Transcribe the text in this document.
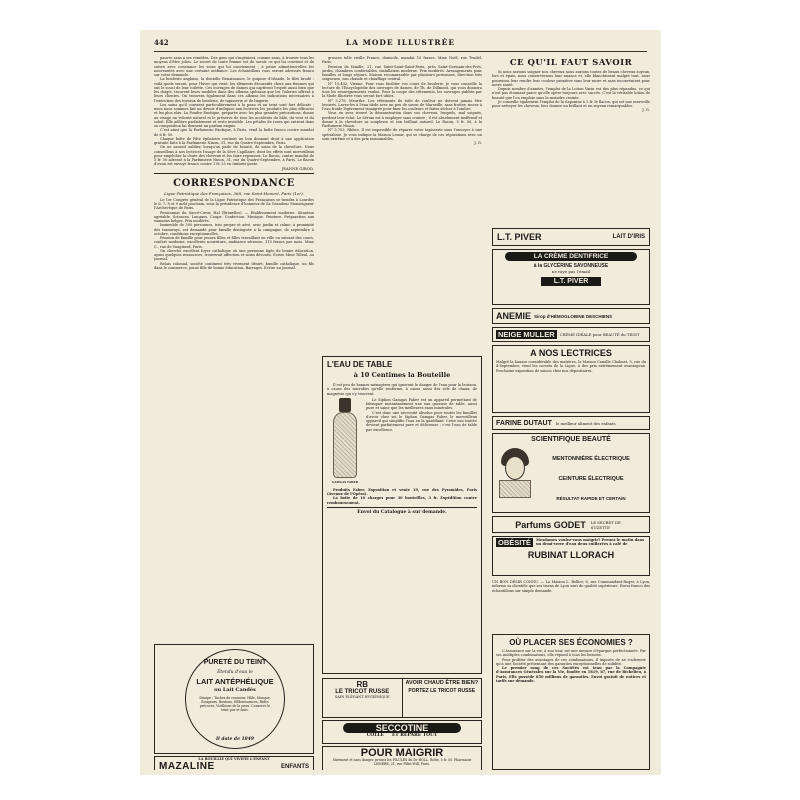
442	LA MODE ILLUSTRÉE

pauvre sans a ses remèdes. Des gens qui s'ingénient, comme nous, à trouver tous les moyens d'être jolies. Le secret de toute femme est de savoir ce qui lui convient et de suivre avec constance les soins qui lui conviennent ; à peine admettent-elles les nouveautés avec une certaine méfiance. Les échantillons vous seront adressés franco sur votre demande.

La broderie anglaise, la dentelle Renaissance, le guipure d'Irlande, le filet brodé : voilà quels seront, pour l'hiver qui vient, les éléments décoratifs chers aux femmes qui ont le souci de leur toilette. Ces ouvrages de dames qui captivent l'esprit aussi bien que les doigts, trouvent leurs modèles dans des albums spéciaux que les Galeries offrent à leurs clientes. On trouvera également dans ces albums les indications nécessaires à l'exécution des travaux de broderie, de tapisserie et de lingerie.

Les soins qu'il convient particulièrement à la peau et au teint sont fort délicats ; nous nous sommes fait un devoir d'indiquer aux lectrices les produits les plus efficaces et les plus sûrs. La Poudre Exotique, préparée avec les plus grandes précautions, donne au visage un velouté naturel et le préserve de tous les accidents du hâle, du vent et du soleil. Elle adhère parfaitement et reste invisible. Les pétales de roses qui entrent dans sa composition lui donnent un parfum exquis.

C'est ainsi que la Parfumerie Exotique, à Paris, vend la boîte franco contre mandat de 6 fr. 50.

Chaque boîte de Pâte épilatoire contient un bon donnant droit à une application gratuite faite à la Parfumerie Ninon, 31, rue du Quatre-Septembre, Paris.

On ne saurait oublier, lorsqu'on parle de beauté, de soins de la chevelure. Nous conseillons à nos lectrices l'usage de la Sève Capillaire, dont les effets sont merveilleux pour empêcher la chute des cheveux et les faire repousser. Le flacon, contre mandat de 5 fr. 50 adressé à la Parfumerie Ninon, 31, rue du Quatre-Septembre, à Paris. Le flacon d'essai est envoyé franco contre 1 fr. 25 en timbres-poste.

JEANNE GIROD.
CORRESPONDANCE
Ligue Patriotique des Françaises, 368, rue Saint-Honoré, Paris (1er).

Le 1er Congrès général de la Ligue Patriotique des Françaises se tiendra à Lourdes le 6, 7, 8 et 9 août prochain, sous la présidence d'honneur de Sa Grandeur Monseigneur l'Archevêque de Paris.

Pensionnat du Sacré-Cœur, Hal (Bruxelles). — Établissement moderne. Situation agréable. Sciences. Langues. Coupe. Confection. Musique. Peinture. Préparation aux examens belges. Prix modérés.

Immeuble de 300 personnes, très propre et aéré, avec jardin et calme, à proximité des tramways, est demandé pour famille distinguée à la campagne, de septembre à octobre, conditions exceptionnelles.

Pension de famille pour jeunes filles et filles travaillant en ville ou suivant des cours, confort moderne, excellente nourriture, ambiance sérieuse, 115 francs par mois. Mme C., rue de Vaugirard, Paris.

On cherche excellent foyer catholique où une personne âgée de bonne éducation, ayant quelques ressources, trouverait affection et soins dévoués. Écrire Mme Tilleul, au journal.

Relais colonial, société continent très vivement désiré, famille catholique, un fils dans le commerce, jeune fille de bonne éducation, Barrages. Écrire au journal.

PURETÉ DU TEINT
Étendu d'eau le
LAIT ANTÉPHÉLIQUE
ou Lait Candès
Dissipe : Taches de rousseur, Hâle, Masque, Rougeurs, Boutons, Efflorescences, Rides précoces, Vieillesse de la peau. Conserve le teint pur et frais.
Il date de 1849
LA BOUILLIE QUI VIVIFIE L'ENFANT
MAZALINE	ENFANTS

grosses telle vieille France, domicile, mandat 15 francs. Mme Noël, rue Trudel, Paris.

Pension de famille, 21, rue Saint-Saint-Saint-Paris, près Saint-Germain-des-Prés, jardin, chambres confortables, installation moderne. Prix modérés. Arrangements pour familles et longs séjours. Maison recommandée par plusieurs personnes, direction très soigneuse, eau chaude et chauffage central.

N° 15,432, Vienne. Pour vous faciliter vos cours de broderie, je vous conseille la lecture de l'Encyclopédie des ouvrages de dames, de Th. de Dillmont, qui vous donnera tous les renseignements voulus. Pour la coupe des vêtements, les ouvrages publiés par la Mode Illustrée vous seront fort utiles.

N° 3,278, Meurthe. Les vêtements de toile de couleur ne doivent jamais être lessivés. Lavez-les à l'eau tiède avec un peu de savon de Marseille, sans frotter, rincez à l'eau froide légèrement vinaigrée pour fixer les couleurs et faites sécher à l'ombre.

Vous en avez trouvé la démonstration dans vos cheveux, lesquels, mal soignés, perdent leur éclat. Le Sérum est à employer sans crainte ; il est absolument inoffensif et donne à la chevelure sa souplesse et son brillant naturel. Le flacon, 5 fr. 50, à la Parfumerie Ninon.

N° 5,703, Rhône. Il est impossible de réparer votre tapisserie sans l'envoyer à une spécialiste. Je vous indique la Maison Lenoir, qui se charge de ces réparations avec un soin extrême et à des prix raisonnables.

J. G.
L'EAU DE TABLE
à 10 Centimes la Bouteille

Il est peu de bonnes ménagères qui ignorent le danger de l'eau pour la boisson, à cause des microbes qu'elle renferme, à cause aussi des sels de chaux, de magnésie qui s'y trouvent.

GAMGAS FABER

Le Siphon Gamgas Faber est un appareil permettant de fabriquer instantanément une eau gazeuse de table, aussi pure et saine que les meilleures eaux minérales.

C'est donc une nécessité absolue pour toutes les familles d'avoir chez soi le Siphon Gamgas Faber, le merveilleux appareil qui simplifie l'eau en la gazéifiant. Cette eau traitée devient parfaitement pure et délicieuse ; c'est l'eau de table par excellence.

Produits Faber. Exposition et vente 19, rue des Pyramides, Paris (Avenue de l'Opéra).

La boîte de 10 charges pour 30 bouteilles, 3 fr. Expédition contre remboursement.

Envoi du Catalogue à sur demande.
RB
LE TRICOT RUSSE
SAIN ÉLÉGANT HYGIÉNIQUE
AVOIR CHAUD ÊTRE BIEN?
PORTEZ LE TRICOT RUSSE
SECCOTINE
COLLE ET RÉPARE TOUT
POUR MAIGRIR
Sûrement et sans danger, prenez les PILULES du Dr HOLL. Boîte, 5 fr. 50. Pharmacie LEMERE, 21, rue Pillet-Will, Paris.
CE QU'IL FAUT SAVOIR

Si nous savions soigner nos cheveux nous aurions toutes de beaux cheveux soyeux, lors et épais, nous conserverions leur nuance et, elle blanchissent malgré tout, nous pourrions leur rendre leur couleur primitive sans leur nuire et sans inconvénient pour notre santé.

Depuis nombre d'années, l'emploi de la Lotion Varin est des plus répandus, ce qui n'est pas étonnant parce qu'elle opère toujours avec succès. C'est la véritable lotion de beauté que l'on emploie sans la moindre crainte.

Je conseille également l'emploi de la Saponine à 2 fr. le flacon, qui est une merveille pour nettoyer les cheveux, leur donner un brillant et un soyeux remarquables.

J. G.
L.T. PIVER	LAIT D'IRIS
LA CRÈME DENTIFRICE
à la GLYCÉRINE SAVONNEUSE
ne raye pas l'émail
L.T. PIVER
ANEMIE Sirop d'HÉMOGLOBINE DESCHIENS
NEIGE MULLER	CRÈME IDÉALE pour BEAUTÉ du TEINT
A NOS LECTRICES
Malgré la hausse considérable des matières, la Maison Camille Chalmet, 5, rue du 4-Septembre, vend les corsets de la Ligue, à des prix extrêmement avantageux. Prochaine exposition de saison chez nos dépositaires.
FARINE DUTAUT le meilleur aliment des enfants
SCIENTIFIQUE BEAUTÉ
MENTONNIÈRE ÉLECTRIQUE
CEINTURE ÉLECTRIQUE
RÉSULTAT RAPIDE ET CERTAIN
Parfums GODET LE SECRET DE SUZETTE
OBÉSITÉ	Mesdames voulez-vous maigrir? Prenez le matin dans un demi-verre d'eau deux cuillerées à café de
RUBINAT LLORACH
UN BON DÉSIR CONNU. — La Maison L. Bellier, 6, rue Commandant-Roger, à Lyon, informe sa clientèle que ses tissus de Lyon sont de qualité supérieure. Envoi franco des échantillons sur simple demande.
OÙ PLACER SES ÉCONOMIES ?

L'Assurance sur la vie, à son tour, est une mesure d'épargne perfectionnée. Par ses multiples combinaisons, elle répond à tous les besoins.

Pour profiter des avantages de ces combinaisons, il importe de ne s'adresser qu'à une Société présentant des garanties exceptionnelles de solidité.

Le premier rang de ces Sociétés est tenu par la Compagnie d'Assurances Générales sur la Vie, fondée en 1819, 87, rue de Richelieu, à Paris. Elle possède 850 millions de garanties. Envoi gratuit de notices et tarifs sur demande.
